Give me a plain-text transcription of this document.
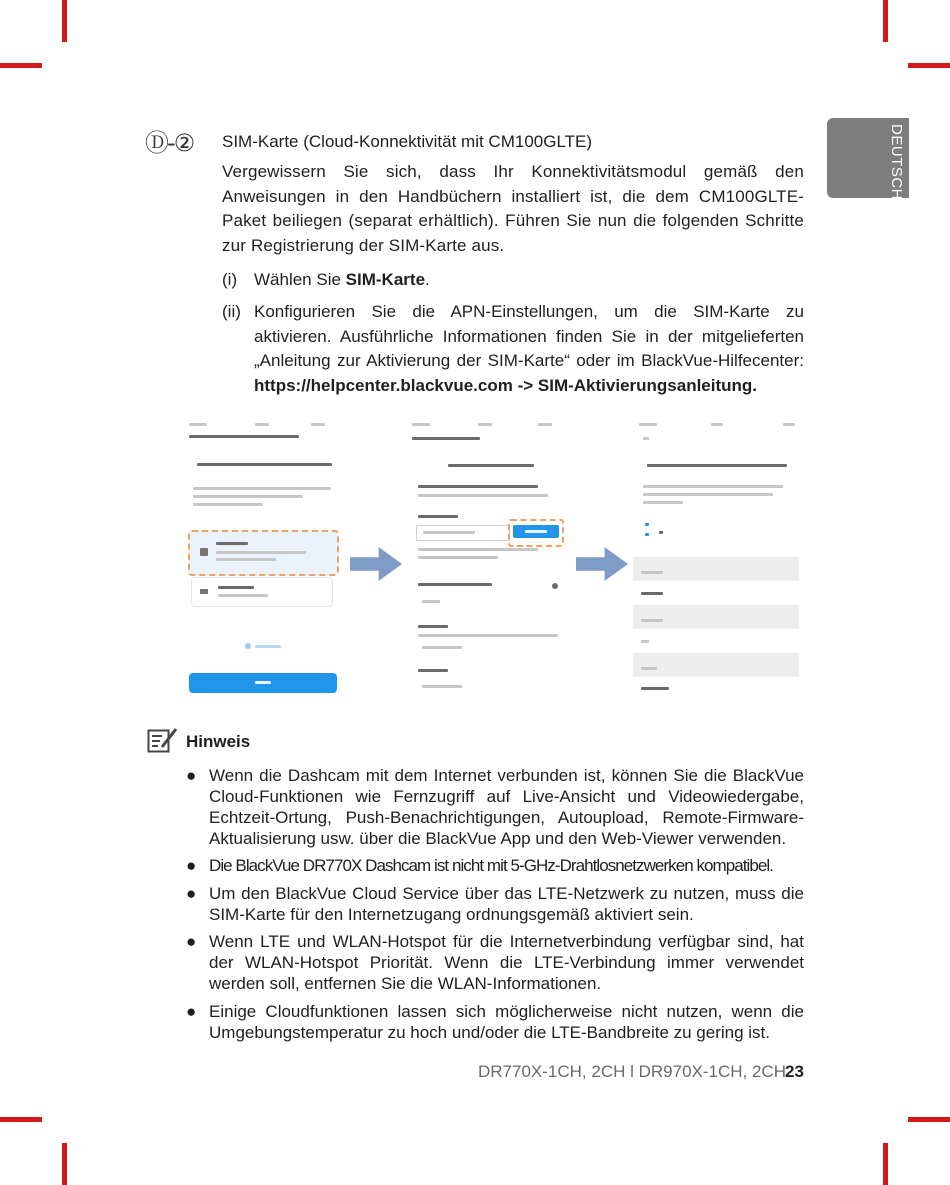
DEUTSCH
Ⓓ-② SIM-Karte (Cloud-Konnektivität mit CM100GLTE)
Vergewissern Sie sich, dass Ihr Konnektivitätsmodul gemäß den Anweisungen in den Handbüchern installiert ist, die dem CM100GLTE-Paket beiliegen (separat erhältlich). Führen Sie nun die folgenden Schritte zur Registrierung der SIM-Karte aus.
(i) Wählen Sie SIM-Karte.
(ii) Konfigurieren Sie die APN-Einstellungen, um die SIM-Karte zu aktivieren. Ausführliche Informationen finden Sie in der mitgelieferten „Anleitung zur Aktivierung der SIM-Karte“ oder im BlackVue-Hilfecenter: https://helpcenter.blackvue.com -> SIM-Aktivierungsanleitung.
Hinweis
● Wenn die Dashcam mit dem Internet verbunden ist, können Sie die BlackVue Cloud-Funktionen wie Fernzugriff auf Live-Ansicht und Videowiedergabe, Echtzeit-Ortung, Push-Benachrichtigungen, Autoupload, Remote-Firmware-Aktualisierung usw. über die BlackVue App und den Web-Viewer verwenden.
● Die BlackVue DR770X Dashcam ist nicht mit 5-GHz-Drahtlosnetzwerken kompatibel.
● Um den BlackVue Cloud Service über das LTE-Netzwerk zu nutzen, muss die SIM-Karte für den Internetzugang ordnungsgemäß aktiviert sein.
● Wenn LTE und WLAN-Hotspot für die Internetverbindung verfügbar sind, hat der WLAN-Hotspot Priorität. Wenn die LTE-Verbindung immer verwendet werden soll, entfernen Sie die WLAN-Informationen.
● Einige Cloudfunktionen lassen sich möglicherweise nicht nutzen, wenn die Umgebungstemperatur zu hoch und/oder die LTE-Bandbreite zu gering ist.
DR770X-1CH, 2CH l DR970X-1CH, 2CH 23
